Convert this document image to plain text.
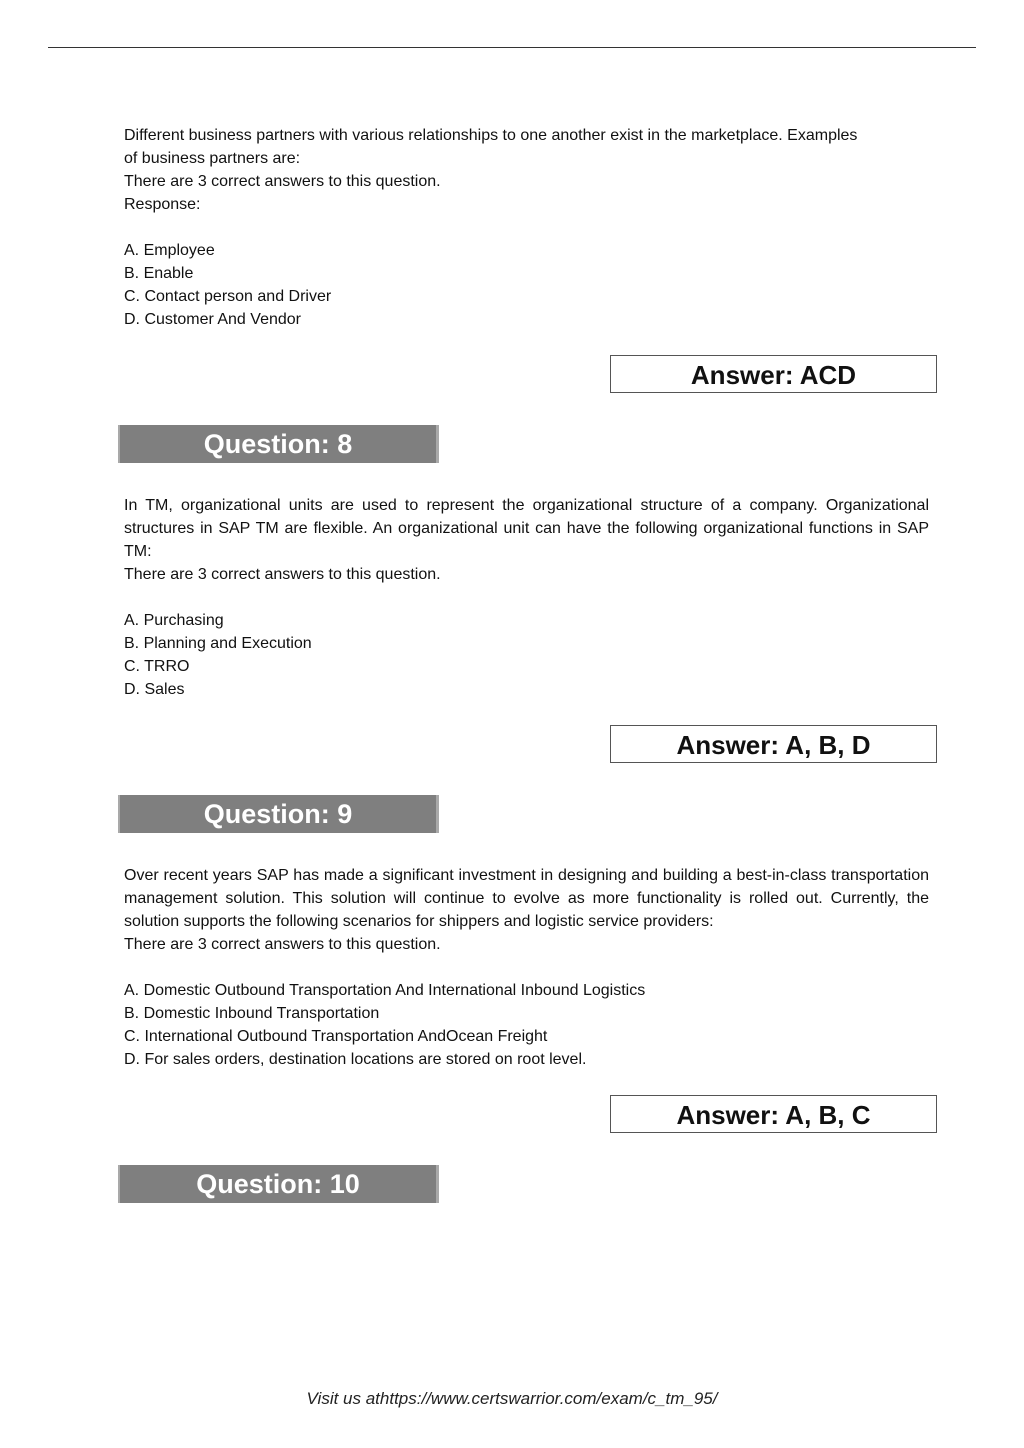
Different business partners with various relationships to one another exist in the marketplace. Examples

of business partners are:

There are 3 correct answers to this question.

Response:

A. Employee

B. Enable

C. Contact person and Driver

D. Customer And Vendor

Answer: ACD
Question: 8

In TM, organizational units are used to represent the organizational structure of a company. Organizational structures in SAP TM are flexible. An organizational unit can have the following organizational functions in SAP TM:

There are 3 correct answers to this question.

A. Purchasing

B. Planning and Execution

C. TRRO

D. Sales

Answer: A, B, D
Question: 9

Over recent years SAP has made a significant investment in designing and building a best-in-class transportation management solution. This solution will continue to evolve as more functionality is rolled out. Currently, the solution supports the following scenarios for shippers and logistic service providers:

There are 3 correct answers to this question.

A. Domestic Outbound Transportation And International Inbound Logistics

B. Domestic Inbound Transportation

C. International Outbound Transportation AndOcean Freight

D. For sales orders, destination locations are stored on root level.

Answer: A, B, C
Question: 10
Visit us athttps://www.certswarrior.com/exam/c_tm_95/
